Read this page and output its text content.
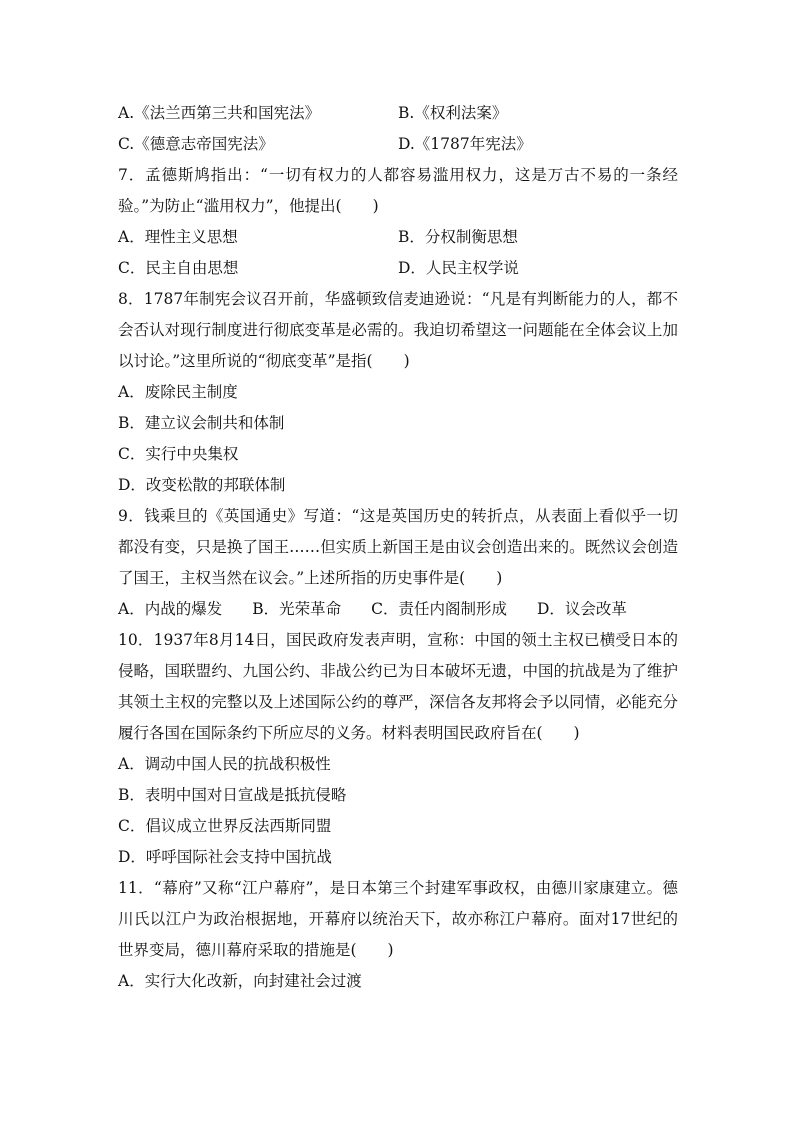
A.《法兰西第三共和国宪法》	B.《权利法案》
C.《德意志帝国宪法》	D.《1787年宪法》
7．孟德斯鸠指出：“一切有权力的人都容易滥用权力，这是万古不易的一条经验。”为防止“滥用权力”，他提出(　　)
A．理性主义思想	B．分权制衡思想
C．民主自由思想	D．人民主权学说
8．1787年制宪会议召开前，华盛顿致信麦迪逊说：“凡是有判断能力的人，都不会否认对现行制度进行彻底变革是必需的。我迫切希望这一问题能在全体会议上加以讨论。”这里所说的“彻底变革”是指(　　)
A．废除民主制度
B．建立议会制共和体制
C．实行中央集权
D．改变松散的邦联体制
9．钱乘旦的《英国通史》写道：“这是英国历史的转折点，从表面上看似乎一切都没有变，只是换了国王……但实质上新国王是由议会创造出来的。既然议会创造了国王，主权当然在议会。”上述所指的历史事件是(　　)
A．内战的爆发 B．光荣革命 C．责任内阁制形成 D．议会改革
10．1937年8月14日，国民政府发表声明，宣称：中国的领土主权已横受日本的侵略，国联盟约、九国公约、非战公约已为日本破坏无遗，中国的抗战是为了维护其领土主权的完整以及上述国际公约的尊严，深信各友邦将会予以同情，必能充分履行各国在国际条约下所应尽的义务。材料表明国民政府旨在(　　)
A．调动中国人民的抗战积极性
B．表明中国对日宣战是抵抗侵略
C．倡议成立世界反法西斯同盟
D．呼呼国际社会支持中国抗战
11．“幕府”又称“江户幕府”，是日本第三个封建军事政权，由德川家康建立。德川氏以江户为政治根据地，开幕府以统治天下，故亦称江户幕府。面对17世纪的世界变局，德川幕府采取的措施是(　　)
A．实行大化改新，向封建社会过渡
